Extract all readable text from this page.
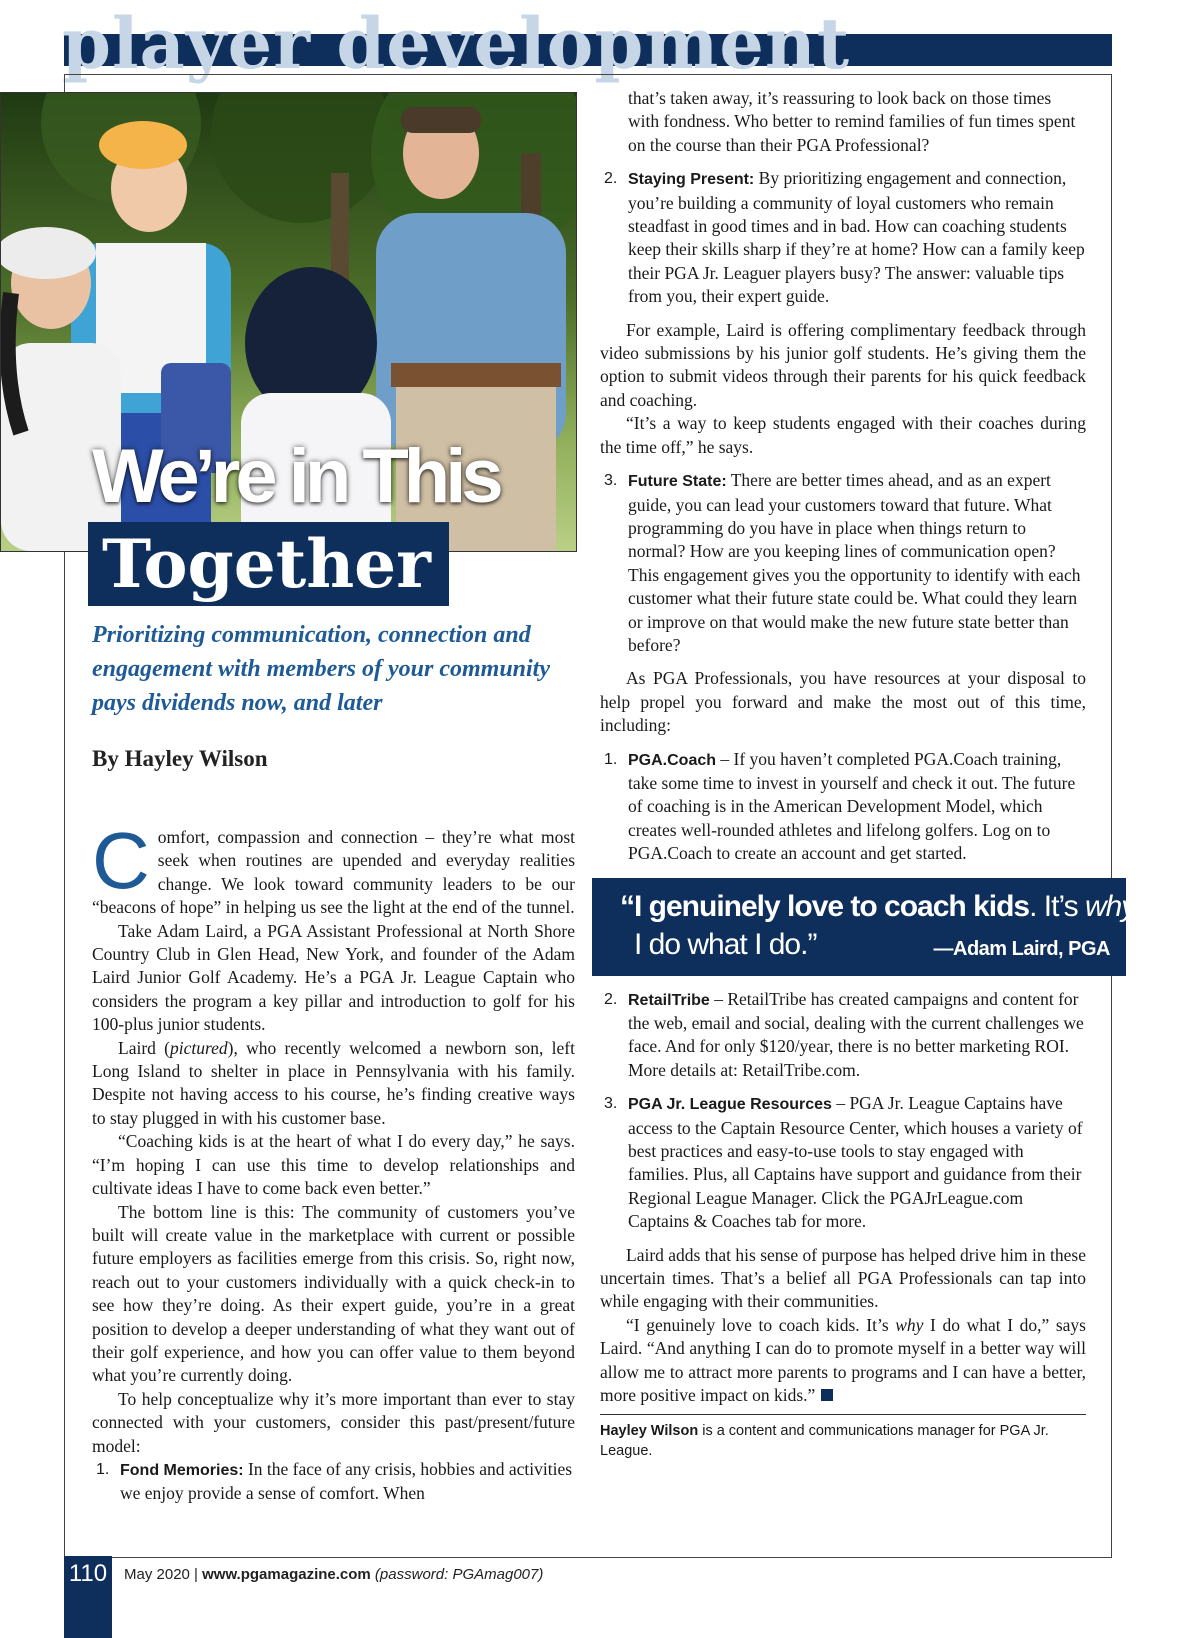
player development
We’re in This
Together
Prioritizing communication, connection and engagement with members of your community pays dividends now, and later
By Hayley Wilson

Comfort, compassion and connection – they’re what most seek when routines are upended and everyday realities change. We look toward community leaders to be our “beacons of hope” in helping us see the light at the end of the tunnel.

Take Adam Laird, a PGA Assistant Professional at North Shore Country Club in Glen Head, New York, and founder of the Adam Laird Junior Golf Academy. He’s a PGA Jr. League Captain who considers the program a key pillar and introduction to golf for his 100-plus junior students.

Laird (pictured), who recently welcomed a newborn son, left Long Island to shelter in place in Pennsylvania with his family. Despite not having access to his course, he’s finding creative ways to stay plugged in with his customer base.

“Coaching kids is at the heart of what I do every day,” he says. “I’m hoping I can use this time to develop relationships and cultivate ideas I have to come back even better.”

The bottom line is this: The community of customers you’ve built will create value in the marketplace with current or possible future employers as facilities emerge from this crisis. So, right now, reach out to your customers individually with a quick check-in to see how they’re doing. As their expert guide, you’re in a great position to develop a deeper understanding of what they want out of their golf experience, and how you can offer value to them beyond what you’re currently doing.

To help conceptualize why it’s more important than ever to stay connected with your customers, consider this past/present/future model:

1. Fond Memories: In the face of any crisis, hobbies and activities we enjoy provide a sense of comfort. When
that’s taken away, it’s reassuring to look back on those times with fondness. Who better to remind families of fun times spent on the course than their PGA Professional?
2. Staying Present: By prioritizing engagement and connection, you’re building a community of loyal customers who remain steadfast in good times and in bad. How can coaching students keep their skills sharp if they’re at home? How can a family keep their PGA Jr. Leaguer players busy? The answer: valuable tips from you, their expert guide.

For example, Laird is offering complimentary feedback through video submissions by his junior golf students. He’s giving them the option to submit videos through their parents for his quick feedback and coaching.

“It’s a way to keep students engaged with their coaches during the time off,” he says.

3. Future State: There are better times ahead, and as an expert guide, you can lead your customers toward that future. What programming do you have in place when things return to normal? How are you keeping lines of communication open? This engagement gives you the opportunity to identify with each customer what their future state could be. What could they learn or improve on that would make the new future state better than before?

As PGA Professionals, you have resources at your disposal to help propel you forward and make the most out of this time, including:

1. PGA.Coach – If you haven’t completed PGA.Coach training, take some time to invest in yourself and check it out. The future of coaching is in the American Development Model, which creates well-rounded athletes and lifelong golfers. Log on to PGA.Coach to create an account and get started.
“I genuinely love to coach kids. It’s why
I do what I do.”	—Adam Laird, PGA
2. RetailTribe – RetailTribe has created campaigns and content for the web, email and social, dealing with the current challenges we face. And for only $120/year, there is no better marketing ROI. More details at: RetailTribe.com.
3. PGA Jr. League Resources – PGA Jr. League Captains have access to the Captain Resource Center, which houses a variety of best practices and easy-to-use tools to stay engaged with families. Plus, all Captains have support and guidance from their Regional League Manager. Click the PGAJrLeague.com Captains & Coaches tab for more.

Laird adds that his sense of purpose has helped drive him in these uncertain times. That’s a belief all PGA Professionals can tap into while engaging with their communities.

“I genuinely love to coach kids. It’s why I do what I do,” says Laird. “And anything I can do to promote myself in a better way will allow me to attract more parents to programs and I can have a better, more positive impact on kids.”

Hayley Wilson is a content and communications manager for PGA Jr. League.
110	May 2020 | www.pgamagazine.com (password: PGAmag007)
